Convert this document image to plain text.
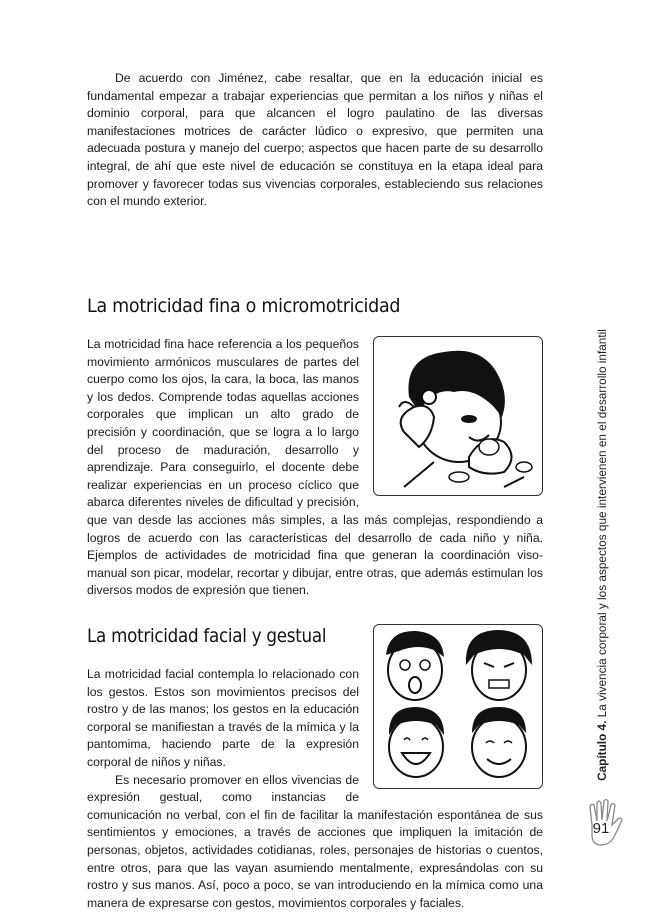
De acuerdo con Jiménez, cabe resaltar, que en la educación inicial es fundamental empezar a trabajar experiencias que permitan a los niños y niñas el dominio corporal, para que alcancen el logro paulatino de las diversas manifestaciones motrices de carácter lúdico o expresivo, que permiten una adecuada postura y manejo del cuerpo; aspectos que hacen parte de su desarrollo integral, de ahí que este nivel de educación se constituya en la etapa ideal para promover y favorecer todas sus vivencias corporales, estableciendo sus relaciones con el mundo exterior.

La motricidad fina o micromotricidad

La motricidad fina hace referencia a los pequeños movimiento armónicos musculares de partes del cuerpo como los ojos, la cara, la boca, las manos y los dedos. Comprende todas aquellas acciones corporales que implican un alto grado de precisión y coordinación, que se logra a lo largo del proceso de maduración, desarrollo y aprendizaje. Para conseguirlo, el docente debe realizar experiencias en un proceso cíclico que abarca diferentes niveles de dificultad y precisión, que van desde las acciones más simples, a las más complejas, respondiendo a logros de acuerdo con las características del desarrollo de cada niño y niña. Ejemplos de actividades de motricidad fina que generan la coordinación viso-manual son picar, modelar, recortar y dibujar, entre otras, que además estimulan los diversos modos de expresión que tienen.

La motricidad facial y gestual

La motricidad facial contempla lo relacionado con los gestos. Estos son movimientos precisos del rostro y de las manos; los gestos en la educación corporal se manifiestan a través de la mímica y la pantomima, haciendo parte de la expresión corporal de niños y niñas.

Es necesario promover en ellos vivencias de expresión gestual, como instancias de comunicación no verbal, con el fin de facilitar la manifestación espontánea de sus sentimientos y emociones, a través de acciones que impliquen la imitación de personas, objetos, actividades cotidianas, roles, personajes de historias o cuentos, entre otros, para que las vayan asumiendo mentalmente, expresándolas con su rostro y sus manos. Así, poco a poco, se van introduciendo en la mímica como una manera de expresarse con gestos, movimientos corporales y faciales.

Capítulo 4. La vivencia corporal y los aspectos que intervienen en el desarrollo infantil
91
